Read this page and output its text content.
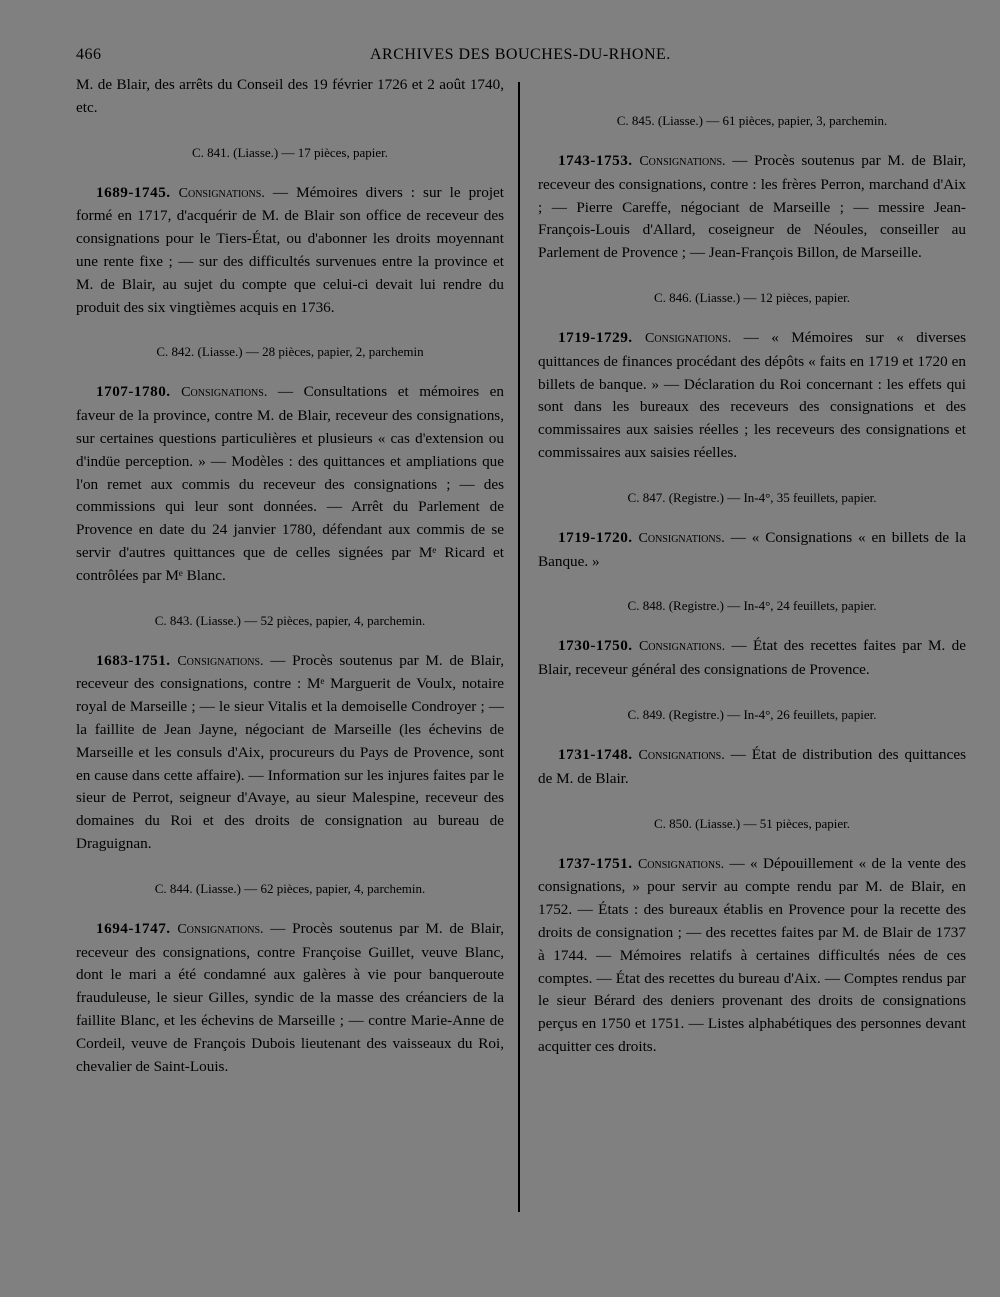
466	ARCHIVES DES BOUCHES-DU-RHONE.

M. de Blair, des arrêts du Conseil des 19 février 1726 et 2 août 1740, etc.

C. 841. (Liasse.) — 17 pièces, papier.

1689-1745. Consignations. — Mémoires divers : sur le projet formé en 1717, d'acquérir de M. de Blair son office de receveur des consignations pour le Tiers-État, ou d'abonner les droits moyennant une rente fixe ; — sur des difficultés survenues entre la province et M. de Blair, au sujet du compte que celui-ci devait lui rendre du produit des six vingtièmes acquis en 1736.

C. 842. (Liasse.) — 28 pièces, papier, 2, parchemin

1707-1780. Consignations. — Consultations et mémoires en faveur de la province, contre M. de Blair, receveur des consignations, sur certaines questions particulières et plusieurs « cas d'extension ou d'indüe perception. » — Modèles : des quittances et ampliations que l'on remet aux commis du receveur des consignations ; — des commissions qui leur sont données. — Arrêt du Parlement de Provence en date du 24 janvier 1780, défendant aux commis de se servir d'autres quittances que de celles signées par Mᵉ Ricard et contrôlées par Mᵉ Blanc.

C. 843. (Liasse.) — 52 pièces, papier, 4, parchemin.

1683-1751. Consignations. — Procès soutenus par M. de Blair, receveur des consignations, contre : Mᵉ Marguerit de Voulx, notaire royal de Marseille ; — le sieur Vitalis et la demoiselle Condroyer ; — la faillite de Jean Jayne, négociant de Marseille (les échevins de Marseille et les consuls d'Aix, procureurs du Pays de Provence, sont en cause dans cette affaire). — Information sur les injures faites par le sieur de Perrot, seigneur d'Avaye, au sieur Malespine, receveur des domaines du Roi et des droits de consignation au bureau de Draguignan.

C. 844. (Liasse.) — 62 pièces, papier, 4, parchemin.

1694-1747. Consignations. — Procès soutenus par M. de Blair, receveur des consignations, contre Françoise Guillet, veuve Blanc, dont le mari a été condamné aux galères à vie pour banqueroute frauduleuse, le sieur Gilles, syndic de la masse des créanciers de la faillite Blanc, et les échevins de Marseille ; — contre Marie-Anne de Cordeil, veuve de François Dubois lieutenant des vaisseaux du Roi, chevalier de Saint-Louis.

C. 845. (Liasse.) — 61 pièces, papier, 3, parchemin.

1743-1753. Consignations. — Procès soutenus par M. de Blair, receveur des consignations, contre : les frères Perron, marchand d'Aix ; — Pierre Careffe, négociant de Marseille ; — messire Jean-François-Louis d'Allard, coseigneur de Néoules, conseiller au Parlement de Provence ; — Jean-François Billon, de Marseille.

C. 846. (Liasse.) — 12 pièces, papier.

1719-1729. Consignations. — « Mémoires sur « diverses quittances de finances procédant des dépôts « faits en 1719 et 1720 en billets de banque. » — Déclaration du Roi concernant : les effets qui sont dans les bureaux des receveurs des consignations et des commissaires aux saisies réelles ; les receveurs des consignations et commissaires aux saisies réelles.

C. 847. (Registre.) — In-4°, 35 feuillets, papier.

1719-1720. Consignations. — « Consignations « en billets de la Banque. »

C. 848. (Registre.) — In-4°, 24 feuillets, papier.

1730-1750. Consignations. — État des recettes faites par M. de Blair, receveur général des consignations de Provence.

C. 849. (Registre.) — In-4°, 26 feuillets, papier.

1731-1748. Consignations. — État de distribution des quittances de M. de Blair.

C. 850. (Liasse.) — 51 pièces, papier.

1737-1751. Consignations. — « Dépouillement « de la vente des consignations, » pour servir au compte rendu par M. de Blair, en 1752. — États : des bureaux établis en Provence pour la recette des droits de consignation ; — des recettes faites par M. de Blair de 1737 à 1744. — Mémoires relatifs à certaines difficultés nées de ces comptes. — État des recettes du bureau d'Aix. — Comptes rendus par le sieur Bérard des deniers provenant des droits de consignations perçus en 1750 et 1751. — Listes alphabétiques des personnes devant acquitter ces droits.
